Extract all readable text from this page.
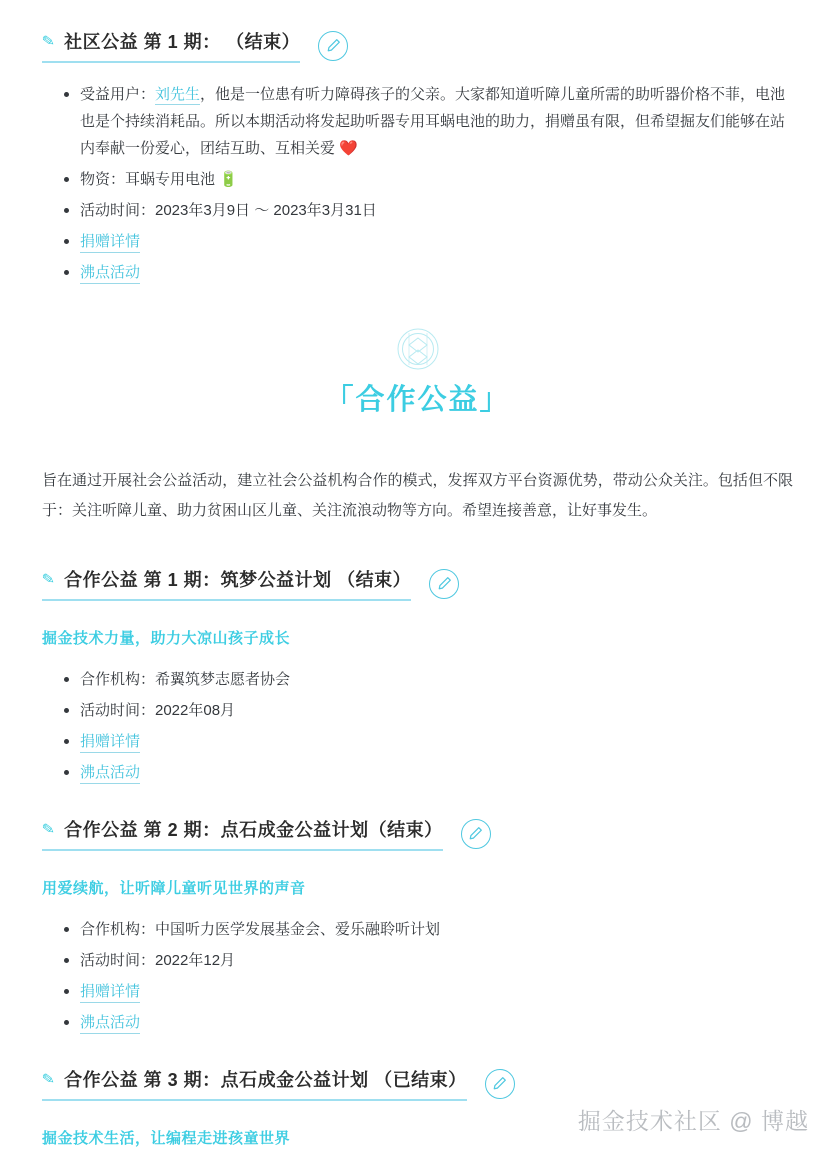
✎ 社区公益 第 1 期： （结束）
受益用户：刘先生，他是一位患有听力障碍孩子的父亲。大家都知道听障儿童所需的助听器价格不菲，电池也是个持续消耗品。所以本期活动将发起助听器专用耳蜗电池的助力，捐赠虽有限，但希望掘友们能够在站内奉献一份爱心，团结互助、互相关爱 ❤️
物资：耳蜗专用电池 🔋
活动时间：2023年3月9日 ～ 2023年3月31日
捐赠详情
沸点活动
「合作公益」

旨在通过开展社会公益活动，建立社会公益机构合作的模式，发挥双方平台资源优势，带动公众关注。包括但不限于：关注听障儿童、助力贫困山区儿童、关注流浪动物等方向。希望连接善意，让好事发生。

✎ 合作公益 第 1 期：筑梦公益计划 （结束）
掘金技术力量，助力大凉山孩子成长
合作机构：希翼筑梦志愿者协会
活动时间：2022年08月
捐赠详情
沸点活动
✎ 合作公益 第 2 期：点石成金公益计划（结束）
用爱续航，让听障儿童听见世界的声音
合作机构：中国听力医学发展基金会、爱乐融聆听计划
活动时间：2022年12月
捐赠详情
沸点活动
✎ 合作公益 第 3 期：点石成金公益计划 （已结束）
掘金技术生活，让编程走进孩童世界
掘金技术社区 @ 博越
